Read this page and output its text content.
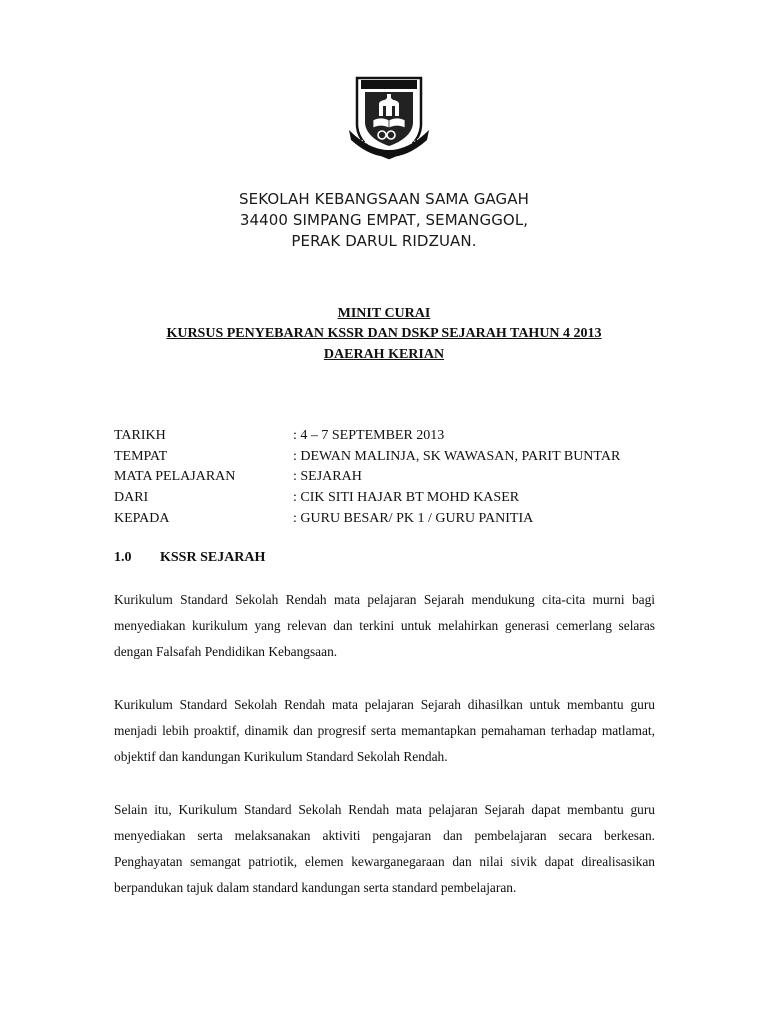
SEKOLAH KEBANGSAAN SAMA GAGAH
34400 SIMPANG EMPAT, SEMANGGOL,
PERAK DARUL RIDZUAN.
MINIT CURAI
KURSUS PENYEBARAN KSSR DAN DSKP SEJARAH TAHUN 4 2013
DAERAH KERIAN
TARIKH	: 4 – 7 SEPTEMBER 2013
TEMPAT	: DEWAN MALINJA, SK WAWASAN, PARIT BUNTAR
MATA PELAJARAN	: SEJARAH
DARI	: CIK SITI HAJAR BT MOHD KASER
KEPADA	: GURU BESAR/ PK 1 / GURU PANITIA
1.0 KSSR SEJARAH
Kurikulum Standard Sekolah Rendah mata pelajaran Sejarah mendukung cita-cita murni bagi menyediakan kurikulum yang relevan dan terkini untuk melahirkan generasi cemerlang selaras dengan Falsafah Pendidikan Kebangsaan.
Kurikulum Standard Sekolah Rendah mata pelajaran Sejarah dihasilkan untuk membantu guru menjadi lebih proaktif, dinamik dan progresif serta memantapkan pemahaman terhadap matlamat, objektif dan kandungan Kurikulum Standard Sekolah Rendah.
Selain itu, Kurikulum Standard Sekolah Rendah mata pelajaran Sejarah dapat membantu guru menyediakan serta melaksanakan aktiviti pengajaran dan pembelajaran secara berkesan. Penghayatan semangat patriotik, elemen kewarganegaraan dan nilai sivik dapat direalisasikan berpandukan tajuk dalam standard kandungan serta standard pembelajaran.
